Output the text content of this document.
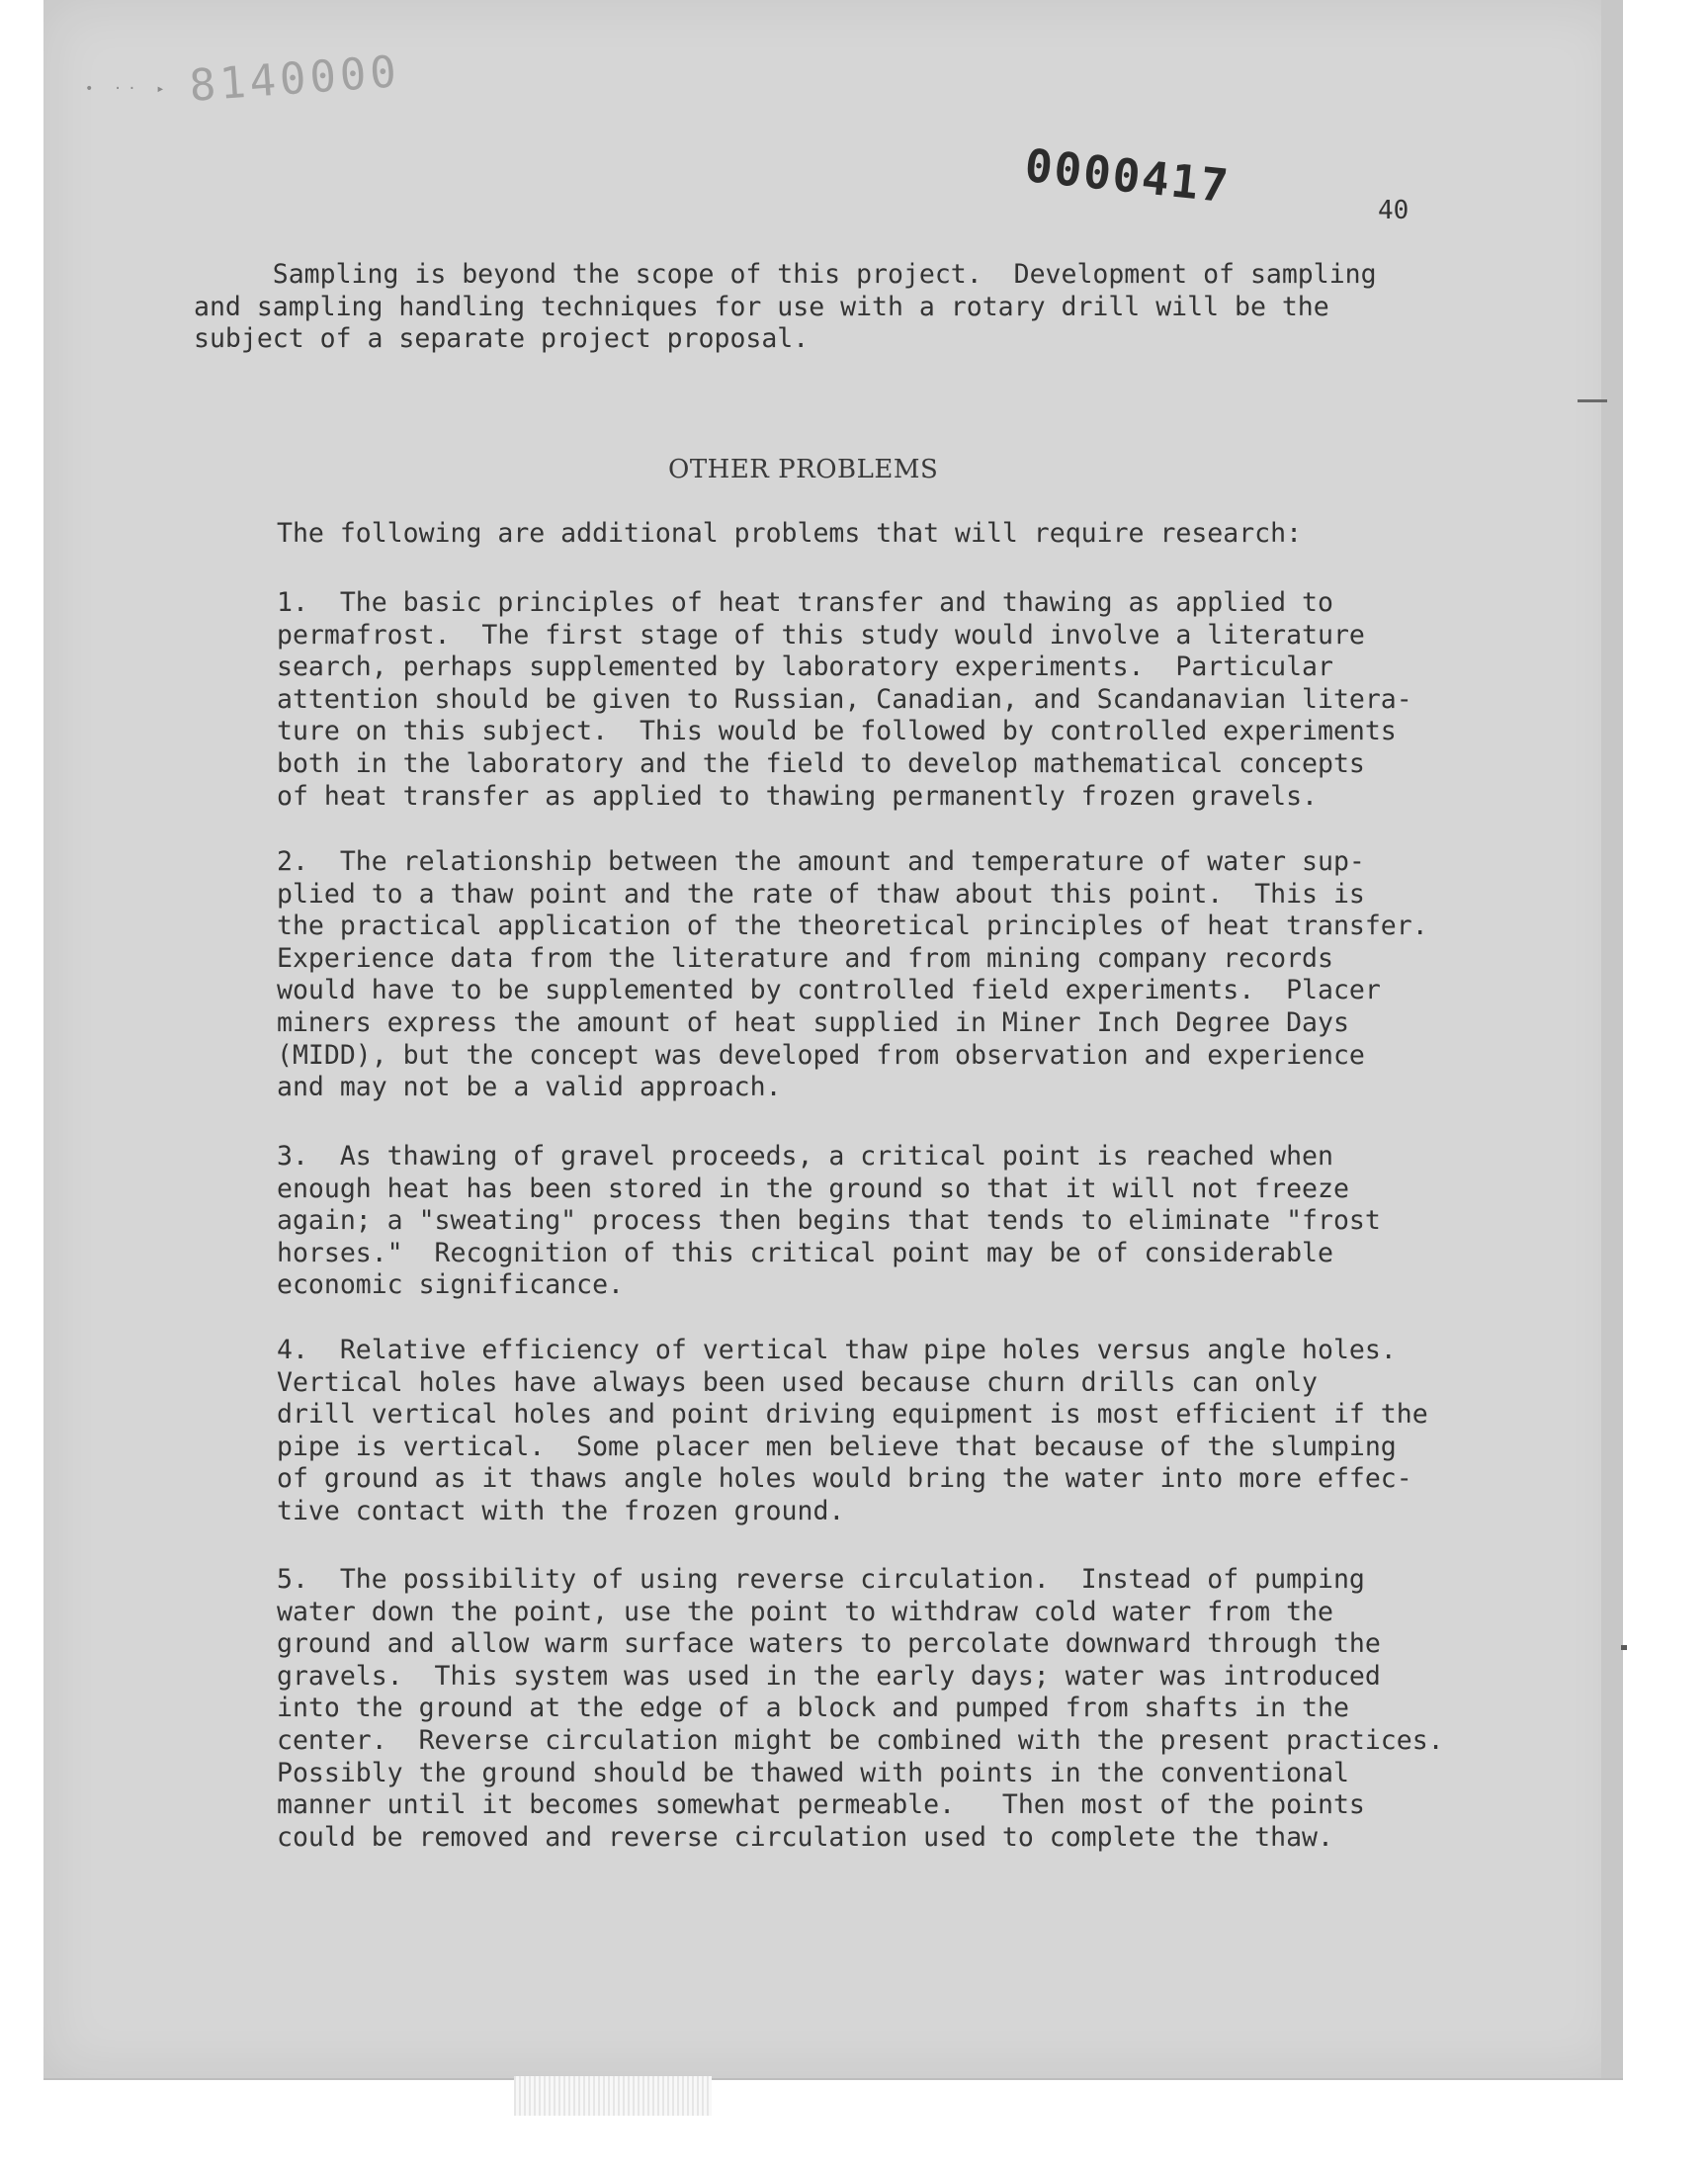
• ·· ▸ 8140000
0000417	40
Sampling is beyond the scope of this project.  Development of sampling
and sampling handling techniques for use with a rotary drill will be the
subject of a separate project proposal.
OTHER PROBLEMS
The following are additional problems that will require research:
1.  The basic principles of heat transfer and thawing as applied to
permafrost.  The first stage of this study would involve a literature
search, perhaps supplemented by laboratory experiments.  Particular
attention should be given to Russian, Canadian, and Scandanavian litera-
ture on this subject.  This would be followed by controlled experiments
both in the laboratory and the field to develop mathematical concepts
of heat transfer as applied to thawing permanently frozen gravels.
2.  The relationship between the amount and temperature of water sup-
plied to a thaw point and the rate of thaw about this point.  This is
the practical application of the theoretical principles of heat transfer.
Experience data from the literature and from mining company records
would have to be supplemented by controlled field experiments.  Placer
miners express the amount of heat supplied in Miner Inch Degree Days
(MIDD), but the concept was developed from observation and experience
and may not be a valid approach.
3.  As thawing of gravel proceeds, a critical point is reached when
enough heat has been stored in the ground so that it will not freeze
again; a "sweating" process then begins that tends to eliminate "frost
horses."  Recognition of this critical point may be of considerable
economic significance.
4.  Relative efficiency of vertical thaw pipe holes versus angle holes.
Vertical holes have always been used because churn drills can only
drill vertical holes and point driving equipment is most efficient if the
pipe is vertical.  Some placer men believe that because of the slumping
of ground as it thaws angle holes would bring the water into more effec-
tive contact with the frozen ground.
5.  The possibility of using reverse circulation.  Instead of pumping
water down the point, use the point to withdraw cold water from the
ground and allow warm surface waters to percolate downward through the
gravels.  This system was used in the early days; water was introduced
into the ground at the edge of a block and pumped from shafts in the
center.  Reverse circulation might be combined with the present practices.
Possibly the ground should be thawed with points in the conventional
manner until it becomes somewhat permeable.   Then most of the points
could be removed and reverse circulation used to complete the thaw.
